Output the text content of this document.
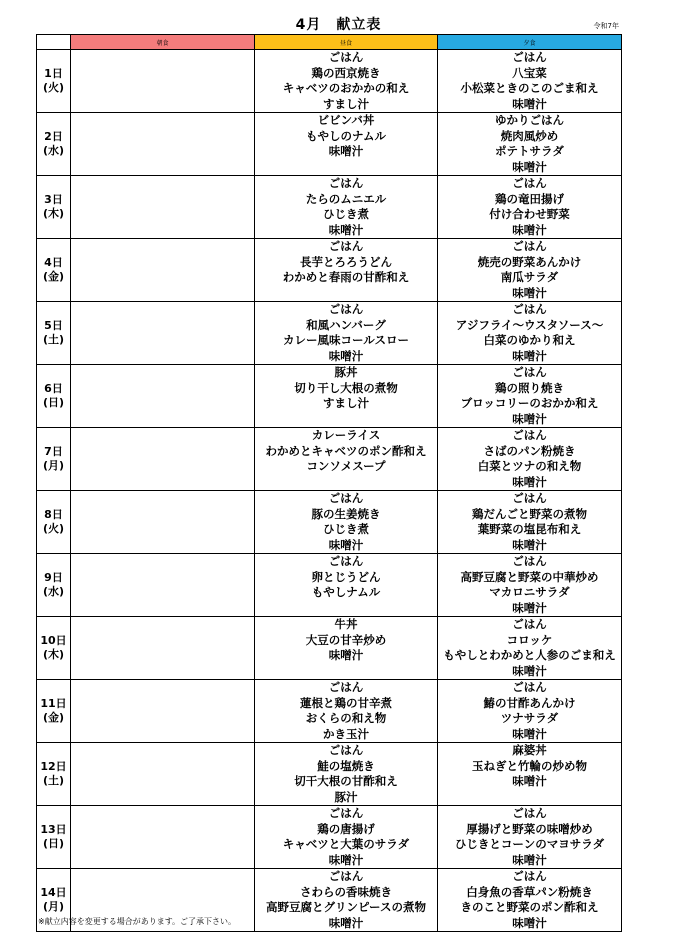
4月　献立表	令和7年
	朝食	昼食	夕食

1日
(火)		ごはん
鶏の西京焼き
キャベツのおかかの和え
すまし汁	ごはん
八宝菜
小松菜ときのこのごま和え
味噌汁

2日
(水)		ビビンバ丼
もやしのナムル
味噌汁	ゆかりごはん
焼肉風炒め
ポテトサラダ
味噌汁

3日
(木)		ごはん
たらのムニエル
ひじき煮
味噌汁	ごはん
鶏の竜田揚げ
付け合わせ野菜
味噌汁

4日
(金)		ごはん
長芋とろろうどん
わかめと春雨の甘酢和え	ごはん
焼売の野菜あんかけ
南瓜サラダ
味噌汁

5日
(土)		ごはん
和風ハンバーグ
カレー風味コールスロー
味噌汁	ごはん
アジフライ～ウスタソース～
白菜のゆかり和え
味噌汁

6日
(日)		豚丼
切り干し大根の煮物
すまし汁	ごはん
鶏の照り焼き
ブロッコリーのおかか和え
味噌汁

7日
(月)		カレーライス
わかめとキャベツのポン酢和え
コンソメスープ	ごはん
さばのパン粉焼き
白菜とツナの和え物
味噌汁

8日
(火)		ごはん
豚の生姜焼き
ひじき煮
味噌汁	ごはん
鶏だんごと野菜の煮物
葉野菜の塩昆布和え
味噌汁

9日
(水)		ごはん
卵とじうどん
もやしナムル	ごはん
高野豆腐と野菜の中華炒め
マカロニサラダ
味噌汁

10日
(木)		牛丼
大豆の甘辛炒め
味噌汁	ごはん
コロッケ
もやしとわかめと人参のごま和え
味噌汁

11日
(金)		ごはん
蓮根と鶏の甘辛煮
おくらの和え物
かき玉汁	ごはん
鰆の甘酢あんかけ
ツナサラダ
味噌汁

12日
(土)		ごはん
鮭の塩焼き
切干大根の甘酢和え
豚汁	麻婆丼
玉ねぎと竹輪の炒め物
味噌汁

13日
(日)		ごはん
鶏の唐揚げ
キャベツと大葉のサラダ
味噌汁	ごはん
厚揚げと野菜の味噌炒め
ひじきとコーンのマヨサラダ
味噌汁

14日
(月)		ごはん
さわらの香味焼き
高野豆腐とグリンピースの煮物
味噌汁	ごはん
白身魚の香草パン粉焼き
きのこと野菜のポン酢和え
味噌汁
※献立内容を変更する場合があります。ご了承下さい。
